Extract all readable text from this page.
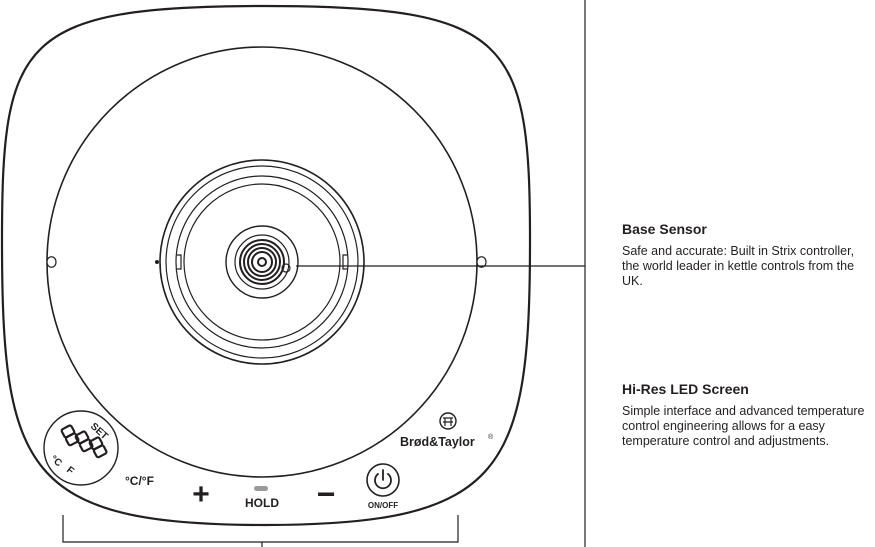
SET
°C
F
Brød&Taylor ®
°C/°F +	HOLD −	ON/OFF
Base Sensor

Safe and accurate: Built in Strix controller, the world leader in kettle controls from the UK.

Hi-Res LED Screen

Simple interface and advanced temperature control engineering allows for a easy temperature control and adjustments.
